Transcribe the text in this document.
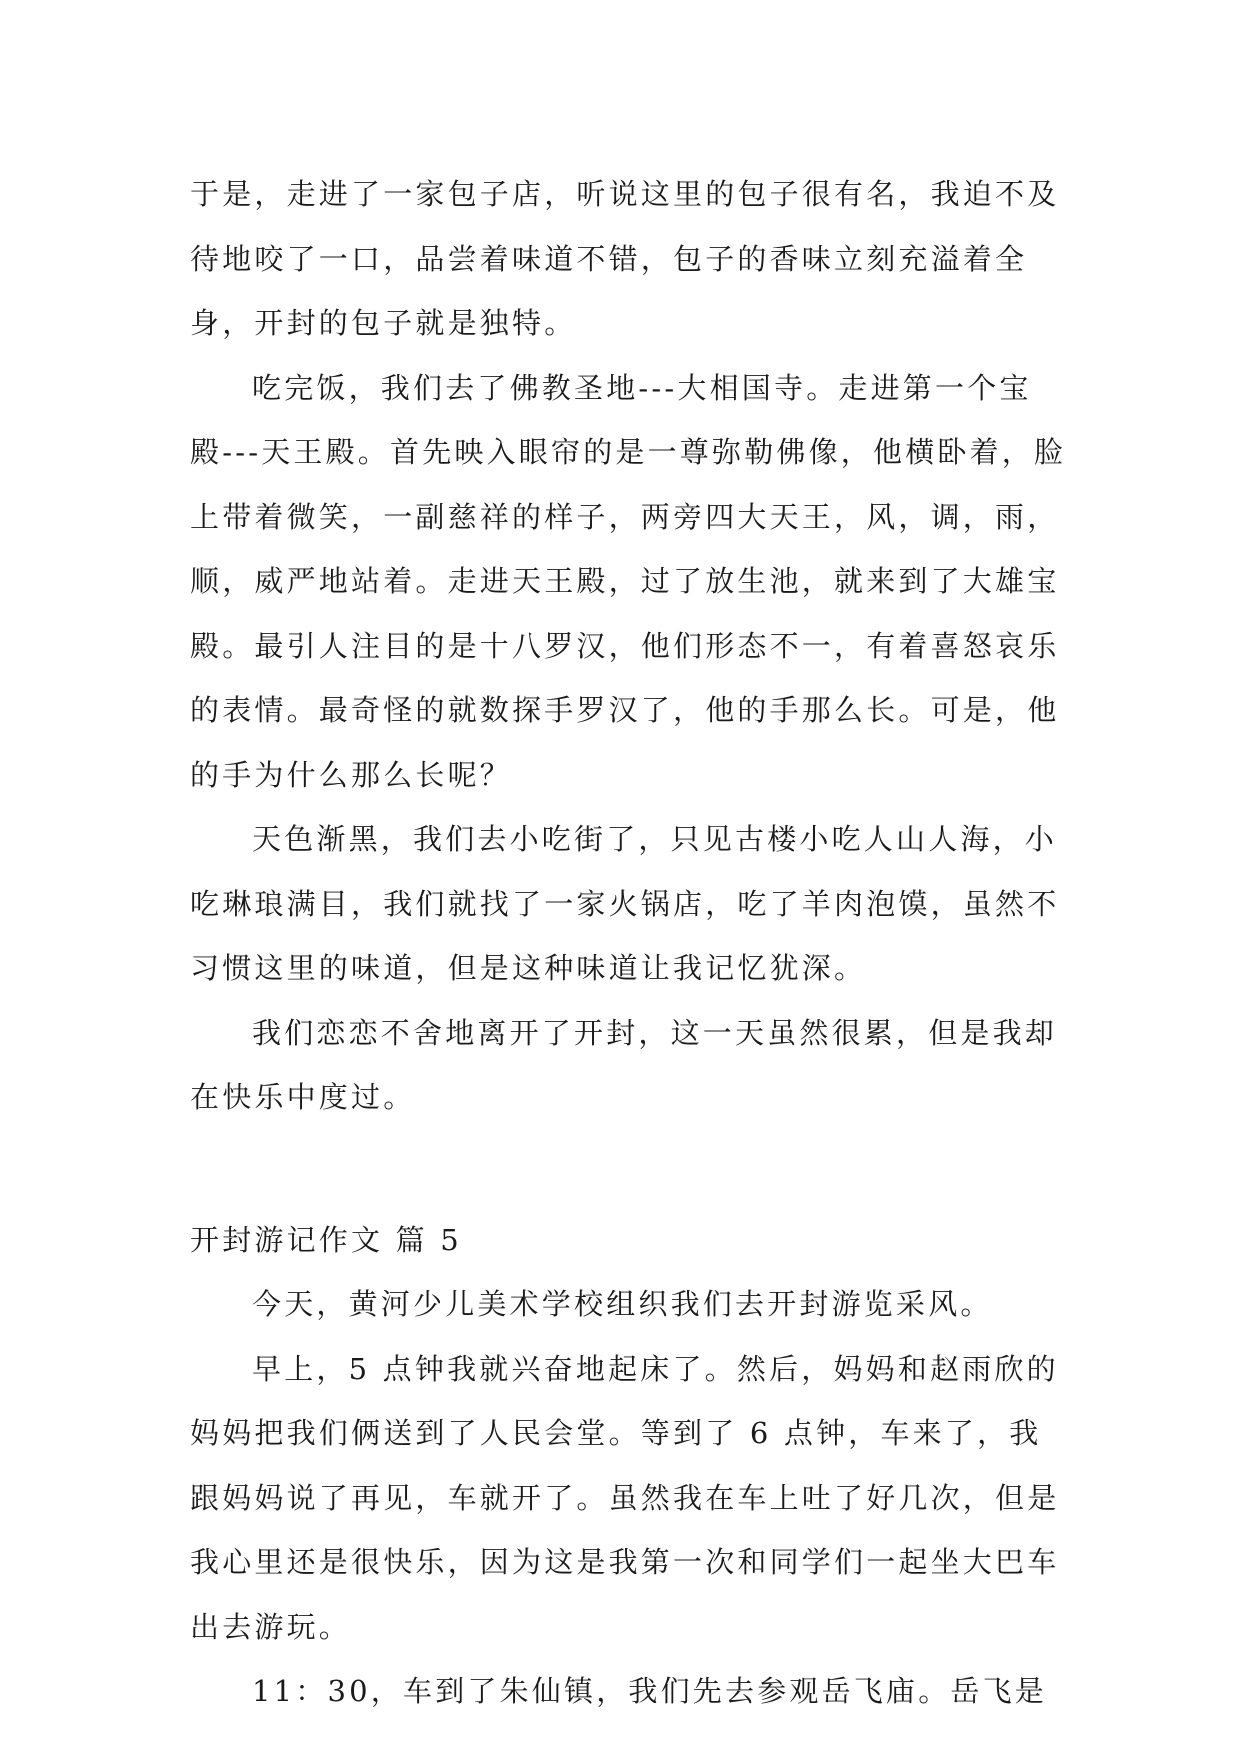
于是，走进了一家包子店，听说这里的包子很有名，我迫不及待地咬了一口，品尝着味道不错，包子的香味立刻充溢着全身，开封的包子就是独特。

吃完饭，我们去了佛教圣地---大相国寺。走进第一个宝殿---天王殿。首先映入眼帘的是一尊弥勒佛像，他横卧着，脸上带着微笑，一副慈祥的样子，两旁四大天王，风，调，雨，顺，威严地站着。走进天王殿，过了放生池，就来到了大雄宝殿。最引人注目的是十八罗汉，他们形态不一，有着喜怒哀乐的表情。最奇怪的就数探手罗汉了，他的手那么长。可是，他的手为什么那么长呢？

天色渐黑，我们去小吃街了，只见古楼小吃人山人海，小吃琳琅满目，我们就找了一家火锅店，吃了羊肉泡馍，虽然不习惯这里的味道，但是这种味道让我记忆犹深。

我们恋恋不舍地离开了开封，这一天虽然很累，但是我却在快乐中度过。

开封游记作文 篇 5

今天，黄河少儿美术学校组织我们去开封游览采风。

早上，5 点钟我就兴奋地起床了。然后，妈妈和赵雨欣的妈妈把我们俩送到了人民会堂。等到了 6 点钟，车来了，我跟妈妈说了再见，车就开了。虽然我在车上吐了好几次，但是我心里还是很快乐，因为这是我第一次和同学们一起坐大巴车出去游玩。

11：30，车到了朱仙镇，我们先去参观岳飞庙。岳飞是
